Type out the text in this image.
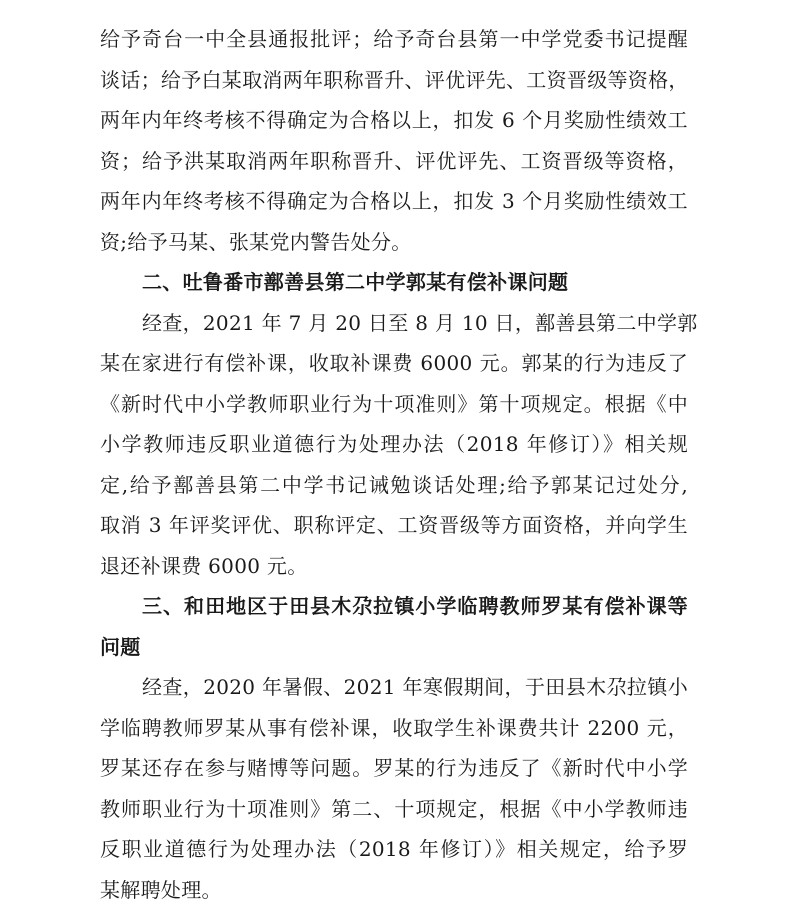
给予奇台一中全县通报批评；给予奇台县第一中学党委书记提醒
谈话；给予白某取消两年职称晋升、评优评先、工资晋级等资格，
两年内年终考核不得确定为合格以上，扣发 6 个月奖励性绩效工
资；给予洪某取消两年职称晋升、评优评先、工资晋级等资格，
两年内年终考核不得确定为合格以上，扣发 3 个月奖励性绩效工
资;给予马某、张某党内警告处分。

二、吐鲁番市鄯善县第二中学郭某有偿补课问题

经查，2021 年 7 月 20 日至 8 月 10 日，鄯善县第二中学郭
某在家进行有偿补课，收取补课费 6000 元。郭某的行为违反了
《新时代中小学教师职业行为十项准则》第十项规定。根据《中
小学教师违反职业道德行为处理办法（2018 年修订）》相关规
定,给予鄯善县第二中学书记诫勉谈话处理;给予郭某记过处分,
取消 3 年评奖评优、职称评定、工资晋级等方面资格，并向学生
退还补课费 6000 元。

三、和田地区于田县木尕拉镇小学临聘教师罗某有偿补课等
问题

经查，2020 年暑假、2021 年寒假期间，于田县木尕拉镇小
学临聘教师罗某从事有偿补课，收取学生补课费共计 2200 元，
罗某还存在参与赌博等问题。罗某的行为违反了《新时代中小学
教师职业行为十项准则》第二、十项规定，根据《中小学教师违
反职业道德行为处理办法（2018 年修订）》相关规定，给予罗
某解聘处理。
